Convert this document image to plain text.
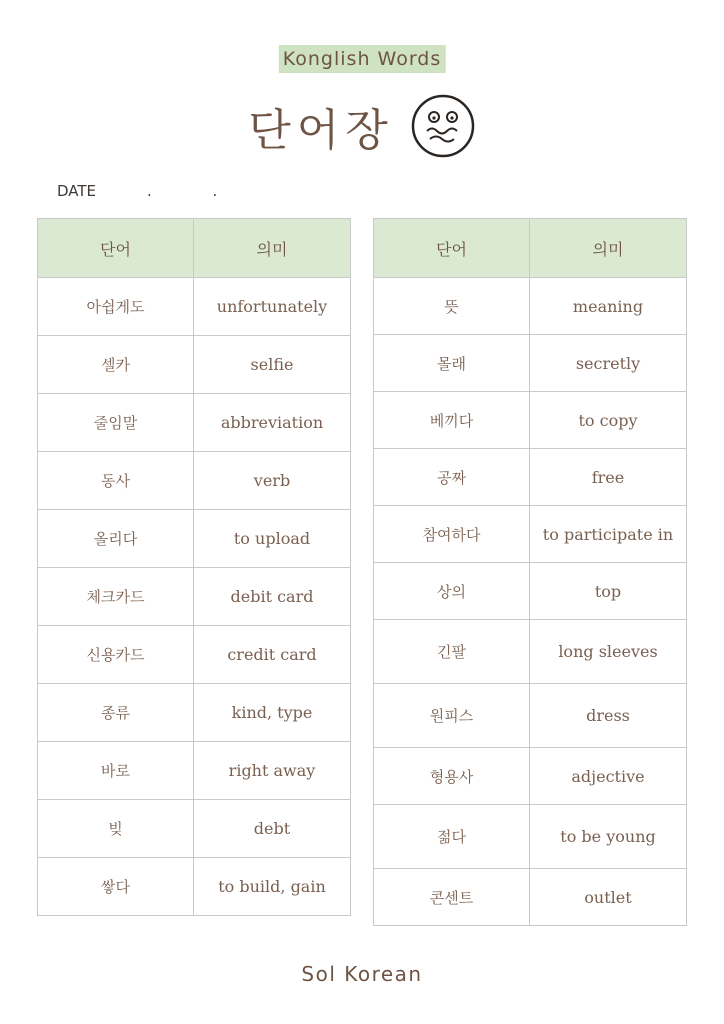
Konglish Words
단어장
DATE	. .
단어	의미
아쉽게도	unfortunately
셀카	selfie
줄임말	abbreviation
동사	verb
올리다	to upload
체크카드	debit card
신용카드	credit card
종류	kind, type
바로	right away
빚	debt
쌓다	to build, gain
단어	의미
뜻	meaning
몰래	secretly
베끼다	to copy
공짜	free
참여하다	to participate in
상의	top
긴팔	long sleeves
원피스	dress
형용사	adjective
젊다	to be young
콘센트	outlet
Sol Korean
